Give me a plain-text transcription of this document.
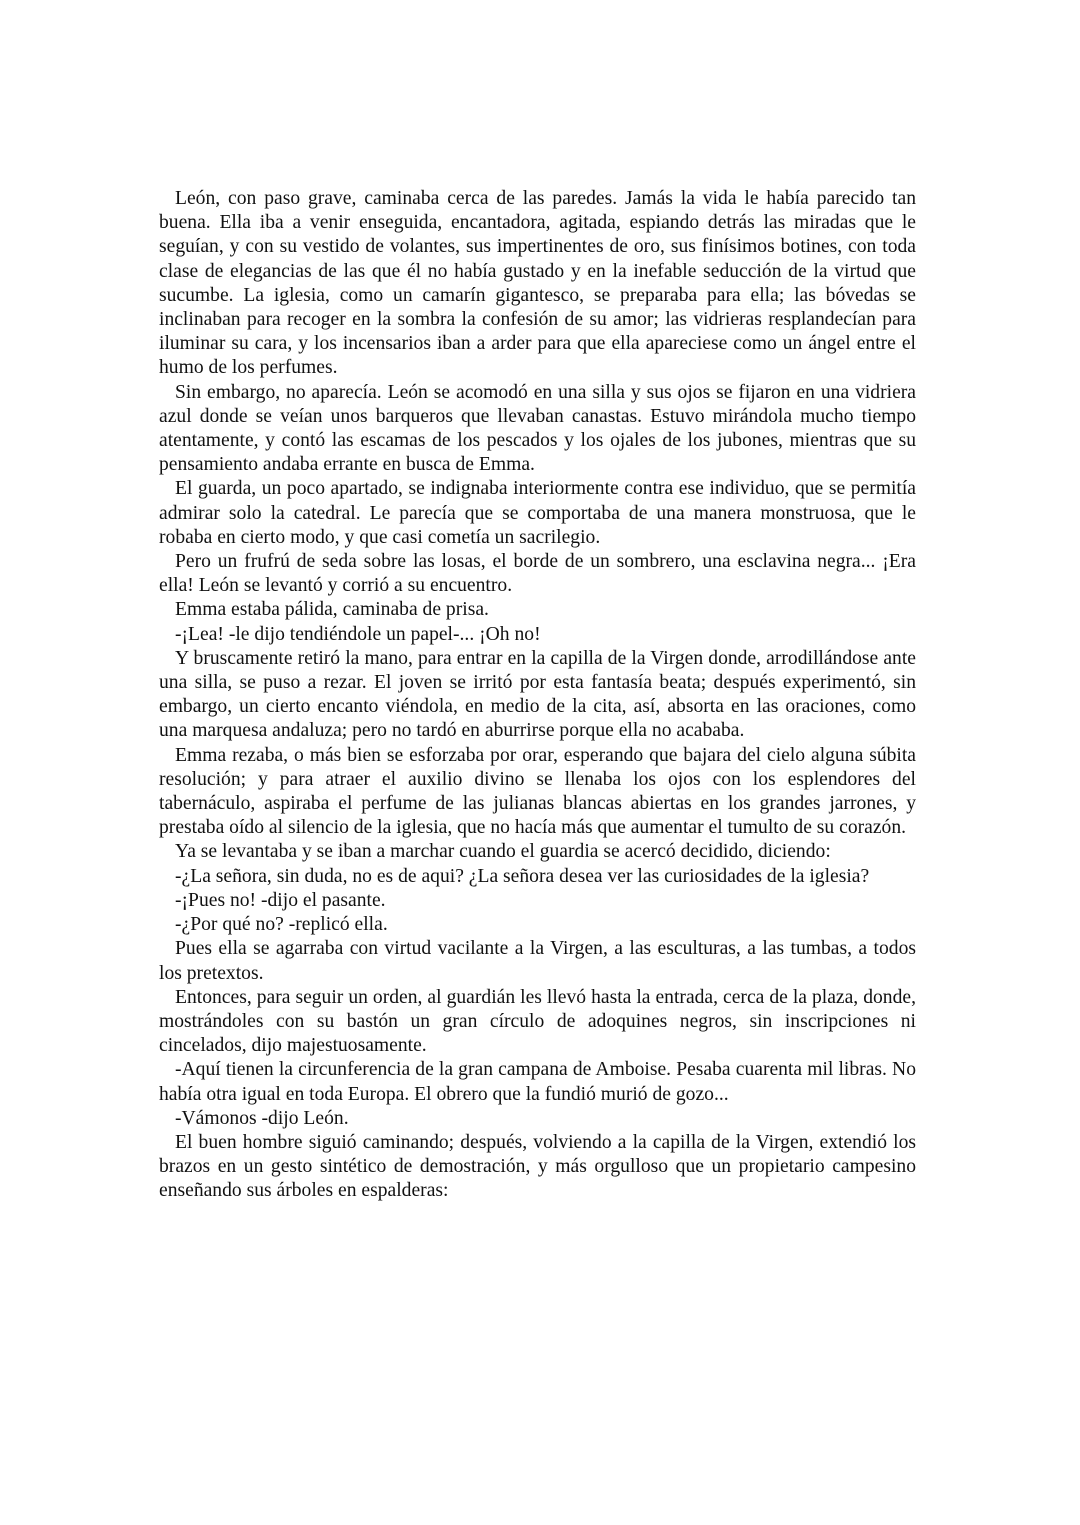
León, con paso grave, caminaba cerca de las paredes. Jamás la vida le había parecido tan buena. Ella iba a venir enseguida, encantadora, agitada, espiando detrás las miradas que le seguían, y con su vestido de volantes, sus impertinentes de oro, sus finísimos botines, con toda clase de elegancias de las que él no había gustado y en la inefable seducción de la virtud que sucumbe. La iglesia, como un camarín gigantesco, se preparaba para ella; las bóvedas se inclinaban para recoger en la sombra la confesión de su amor; las vidrieras resplandecían para iluminar su cara, y los incensarios iban a arder para que ella apareciese como un ángel entre el humo de los perfumes.

Sin embargo, no aparecía. León se acomodó en una silla y sus ojos se fijaron en una vidriera azul donde se veían unos barqueros que llevaban canastas. Estuvo mirándola mucho tiempo atentamente, y contó las escamas de los pescados y los ojales de los jubones, mientras que su pensamiento andaba errante en busca de Emma.

El guarda, un poco apartado, se indignaba interiormente contra ese individuo, que se permitía admirar solo la catedral. Le parecía que se comportaba de una manera monstruosa, que le robaba en cierto modo, y que casi cometía un sacrilegio.

Pero un frufrú de seda sobre las losas, el borde de un sombrero, una esclavina negra... ¡Era ella! León se levantó y corrió a su encuentro.

Emma estaba pálida, caminaba de prisa.

-¡Lea! -le dijo tendiéndole un papel-... ¡Oh no!

Y bruscamente retiró la mano, para entrar en la capilla de la Virgen donde, arrodillándose ante una silla, se puso a rezar. El joven se irritó por esta fantasía beata; después experimentó, sin embargo, un cierto encanto viéndola, en medio de la cita, así, absorta en las oraciones, como una marquesa andaluza; pero no tardó en aburrirse porque ella no acababa.

Emma rezaba, o más bien se esforzaba por orar, esperando que bajara del cielo alguna súbita resolución; y para atraer el auxilio divino se llenaba los ojos con los esplendores del tabernáculo, aspiraba el perfume de las julianas blancas abiertas en los grandes jarrones, y prestaba oído al silencio de la iglesia, que no hacía más que aumentar el tumulto de su corazón.

Ya se levantaba y se iban a marchar cuando el guardia se acercó decidido, diciendo:

-¿La señora, sin duda, no es de aqui? ¿La señora desea ver las curiosidades de la iglesia?

-¡Pues no! -dijo el pasante.

-¿Por qué no? -replicó ella.

Pues ella se agarraba con virtud vacilante a la Virgen, a las esculturas, a las tumbas, a todos los pretextos.

Entonces, para seguir un orden, al guardián les llevó hasta la entrada, cerca de la plaza, donde, mostrándoles con su bastón un gran círculo de adoquines negros, sin inscripciones ni cincelados, dijo majestuosamente.

-Aquí tienen la circunferencia de la gran campana de Amboise. Pesaba cuarenta mil libras. No había otra igual en toda Europa. El obrero que la fundió murió de gozo...

-Vámonos -dijo León.

El buen hombre siguió caminando; después, volviendo a la capilla de la Virgen, extendió los brazos en un gesto sintético de demostración, y más orgulloso que un propietario campesino enseñando sus árboles en espalderas:
